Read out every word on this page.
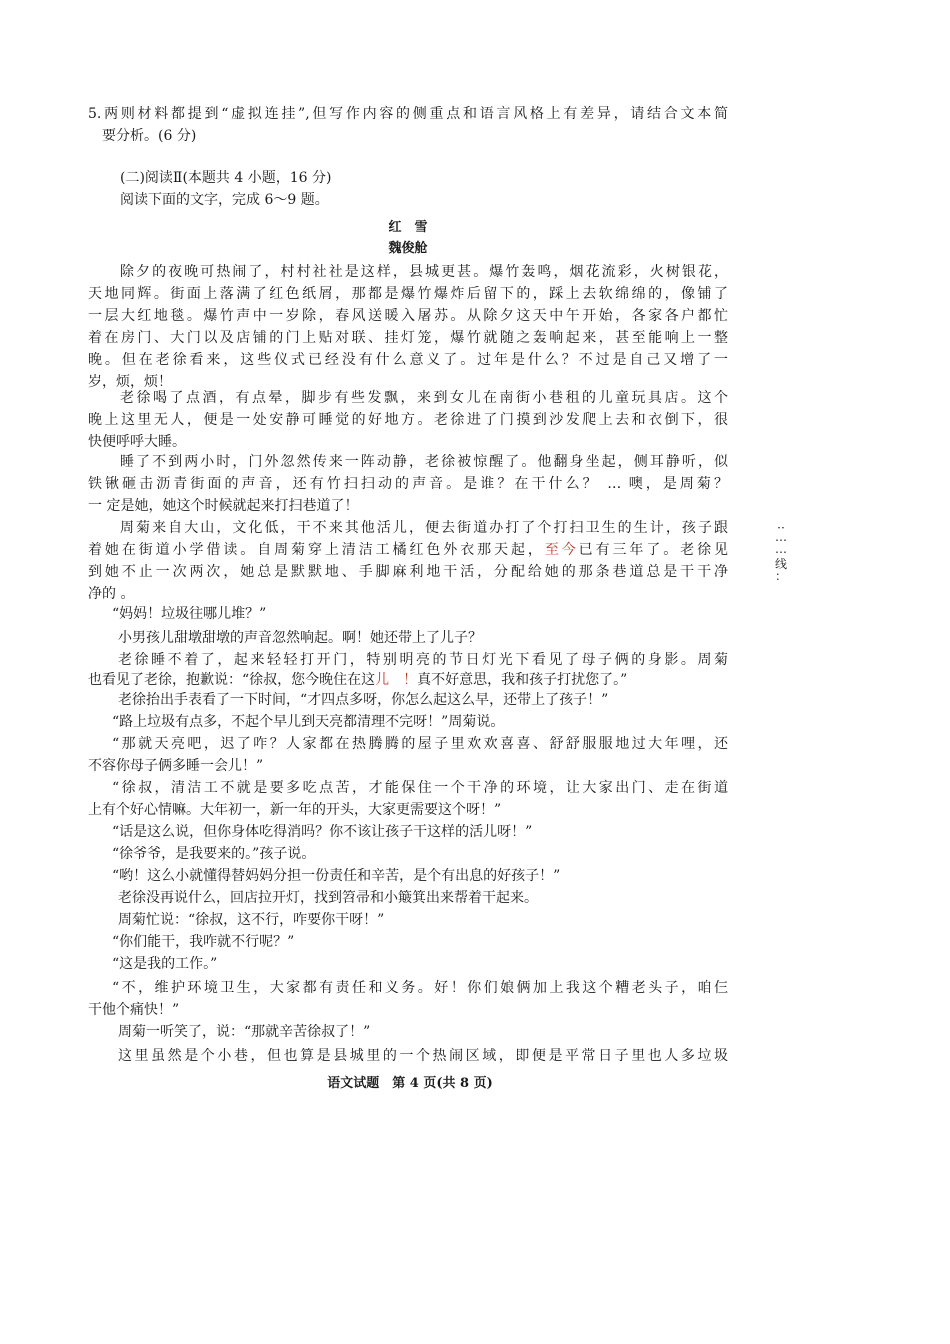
5.两则材料都提到“虚拟连挂”,但写作内容的侧重点和语言风格上有差异，请结合文本简
要分析。(6 分)
(二)阅读Ⅱ(本题共 4 小题，16 分)
阅读下面的文字，完成 6～9 题。
红　雪
魏俊舱
除夕的夜晚可热闹了，村村社社是这样，县城更甚。爆竹轰鸣，烟花流彩，火树银花，
天地同辉。街面上落满了红色纸屑，那都是爆竹爆炸后留下的，踩上去软绵绵的，像铺了
一层大红地毯。爆竹声中一岁除，春风送暖入屠苏。从除夕这天中午开始，各家各户都忙
着在房门、大门以及店铺的门上贴对联、挂灯笼，爆竹就随之轰响起来，甚至能响上一整
晚。但在老徐看来，这些仪式已经没有什么意义了。过年是什么？不过是自己又增了一
岁，烦，烦！
老徐喝了点酒，有点晕，脚步有些发飘，来到女儿在南街小巷租的儿童玩具店。这个
晚上这里无人，便是一处安静可睡觉的好地方。老徐进了门摸到沙发爬上去和衣倒下，很
快便呼呼大睡。
睡了不到两小时，门外忽然传来一阵动静，老徐被惊醒了。他翻身坐起，侧耳静听，似
铁锹砸击沥青街面的声音，还有竹扫扫动的声音。是谁？在干什么？ … 噢，是周菊？
一 定是她，她这个时候就起来打扫巷道了！
周菊来自大山，文化低，干不来其他活儿，便去街道办打了个打扫卫生的生计，孩子跟
着她在街道小学借读。自周菊穿上清洁工橘红色外衣那天起，至今已有三年了。老徐见
到她不止一次两次，她总是默默地、手脚麻利地干活，分配给她的那条巷道总是干干净
净的 。
“妈妈！垃圾往哪儿堆？”
小男孩儿甜墩甜墩的声音忽然响起。啊！她还带上了儿子？
老徐睡不着了，起来轻轻打开门，特别明亮的节日灯光下看见了母子俩的身影。周菊
也看见了老徐，抱歉说：“徐叔，您今晚住在这儿　！真不好意思，我和孩子打扰您了。”
老徐抬出手表看了一下时间，“才四点多呀，你怎么起这么早，还带上了孩子！”
“路上垃圾有点多，不起个早儿到天亮都清理不完呀！”周菊说。
“那就天亮吧，迟了咋？人家都在热腾腾的屋子里欢欢喜喜、舒舒服服地过大年哩，还
不容你母子俩多睡一会儿！”
“徐叔，清洁工不就是要多吃点苦，才能保住一个干净的环境，让大家出门、走在街道
上有个好心情嘛。大年初一，新一年的开头，大家更需要这个呀！”
“话是这么说，但你身体吃得消吗？你不该让孩子干这样的活儿呀！”
“徐爷爷，是我要来的。”孩子说。
“哟！这么小就懂得替妈妈分担一份责任和辛苦，是个有出息的好孩子！”
老徐没再说什么，回店拉开灯，找到笤帚和小簸箕出来帮着干起来。
周菊忙说：“徐叔，这不行，咋要你干呀！”
“你们能干，我咋就不行呢？”
“这是我的工作。”
“不，维护环境卫生，大家都有责任和义务。好！你们娘俩加上我这个糟老头子，咱仨
干他个痛快！”
周菊一听笑了，说：“那就辛苦徐叔了！”
这里虽然是个小巷，但也算是县城里的一个热闹区域，即便是平常日子里也人多垃圾
··
⋯
⋯
线
：
语文试题　第 4 页(共 8 页)
